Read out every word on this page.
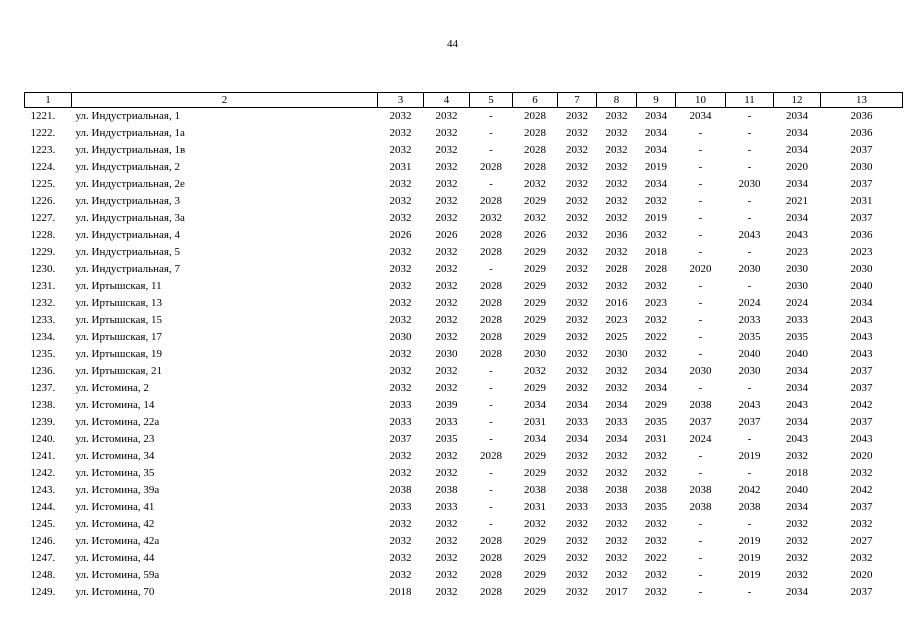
44
1	2	3	4	5	6	7	8	9	10	11	12	13
1221.	ул. Индустриальная, 1	2032	2032	-	2028	2032	2032	2034	2034	-	2034	2036
1222.	ул. Индустриальная, 1а	2032	2032	-	2028	2032	2032	2034	-	-	2034	2036
1223.	ул. Индустриальная, 1в	2032	2032	-	2028	2032	2032	2034	-	-	2034	2037
1224.	ул. Индустриальная, 2	2031	2032	2028	2028	2032	2032	2019	-	-	2020	2030
1225.	ул. Индустриальная, 2е	2032	2032	-	2032	2032	2032	2034	-	2030	2034	2037
1226.	ул. Индустриальная, 3	2032	2032	2028	2029	2032	2032	2032	-	-	2021	2031
1227.	ул. Индустриальная, 3а	2032	2032	2032	2032	2032	2032	2019	-	-	2034	2037
1228.	ул. Индустриальная, 4	2026	2026	2028	2026	2032	2036	2032	-	2043	2043	2036
1229.	ул. Индустриальная, 5	2032	2032	2028	2029	2032	2032	2018	-	-	2023	2023
1230.	ул. Индустриальная, 7	2032	2032	-	2029	2032	2028	2028	2020	2030	2030	2030
1231.	ул. Иртышская, 11	2032	2032	2028	2029	2032	2032	2032	-	-	2030	2040
1232.	ул. Иртышская, 13	2032	2032	2028	2029	2032	2016	2023	-	2024	2024	2034
1233.	ул. Иртышская, 15	2032	2032	2028	2029	2032	2023	2032	-	2033	2033	2043
1234.	ул. Иртышская, 17	2030	2032	2028	2029	2032	2025	2022	-	2035	2035	2043
1235.	ул. Иртышская, 19	2032	2030	2028	2030	2032	2030	2032	-	2040	2040	2043
1236.	ул. Иртышская, 21	2032	2032	-	2032	2032	2032	2034	2030	2030	2034	2037
1237.	ул. Истомина, 2	2032	2032	-	2029	2032	2032	2034	-	-	2034	2037
1238.	ул. Истомина, 14	2033	2039	-	2034	2034	2034	2029	2038	2043	2043	2042
1239.	ул. Истомина, 22а	2033	2033	-	2031	2033	2033	2035	2037	2037	2034	2037
1240.	ул. Истомина, 23	2037	2035	-	2034	2034	2034	2031	2024	-	2043	2043
1241.	ул. Истомина, 34	2032	2032	2028	2029	2032	2032	2032	-	2019	2032	2020
1242.	ул. Истомина, 35	2032	2032	-	2029	2032	2032	2032	-	-	2018	2032
1243.	ул. Истомина, 39а	2038	2038	-	2038	2038	2038	2038	2038	2042	2040	2042
1244.	ул. Истомина, 41	2033	2033	-	2031	2033	2033	2035	2038	2038	2034	2037
1245.	ул. Истомина, 42	2032	2032	-	2032	2032	2032	2032	-	-	2032	2032
1246.	ул. Истомина, 42а	2032	2032	2028	2029	2032	2032	2032	-	2019	2032	2027
1247.	ул. Истомина, 44	2032	2032	2028	2029	2032	2032	2022	-	2019	2032	2032
1248.	ул. Истомина, 59а	2032	2032	2028	2029	2032	2032	2032	-	2019	2032	2020
1249.	ул. Истомина, 70	2018	2032	2028	2029	2032	2017	2032	-	-	2034	2037
